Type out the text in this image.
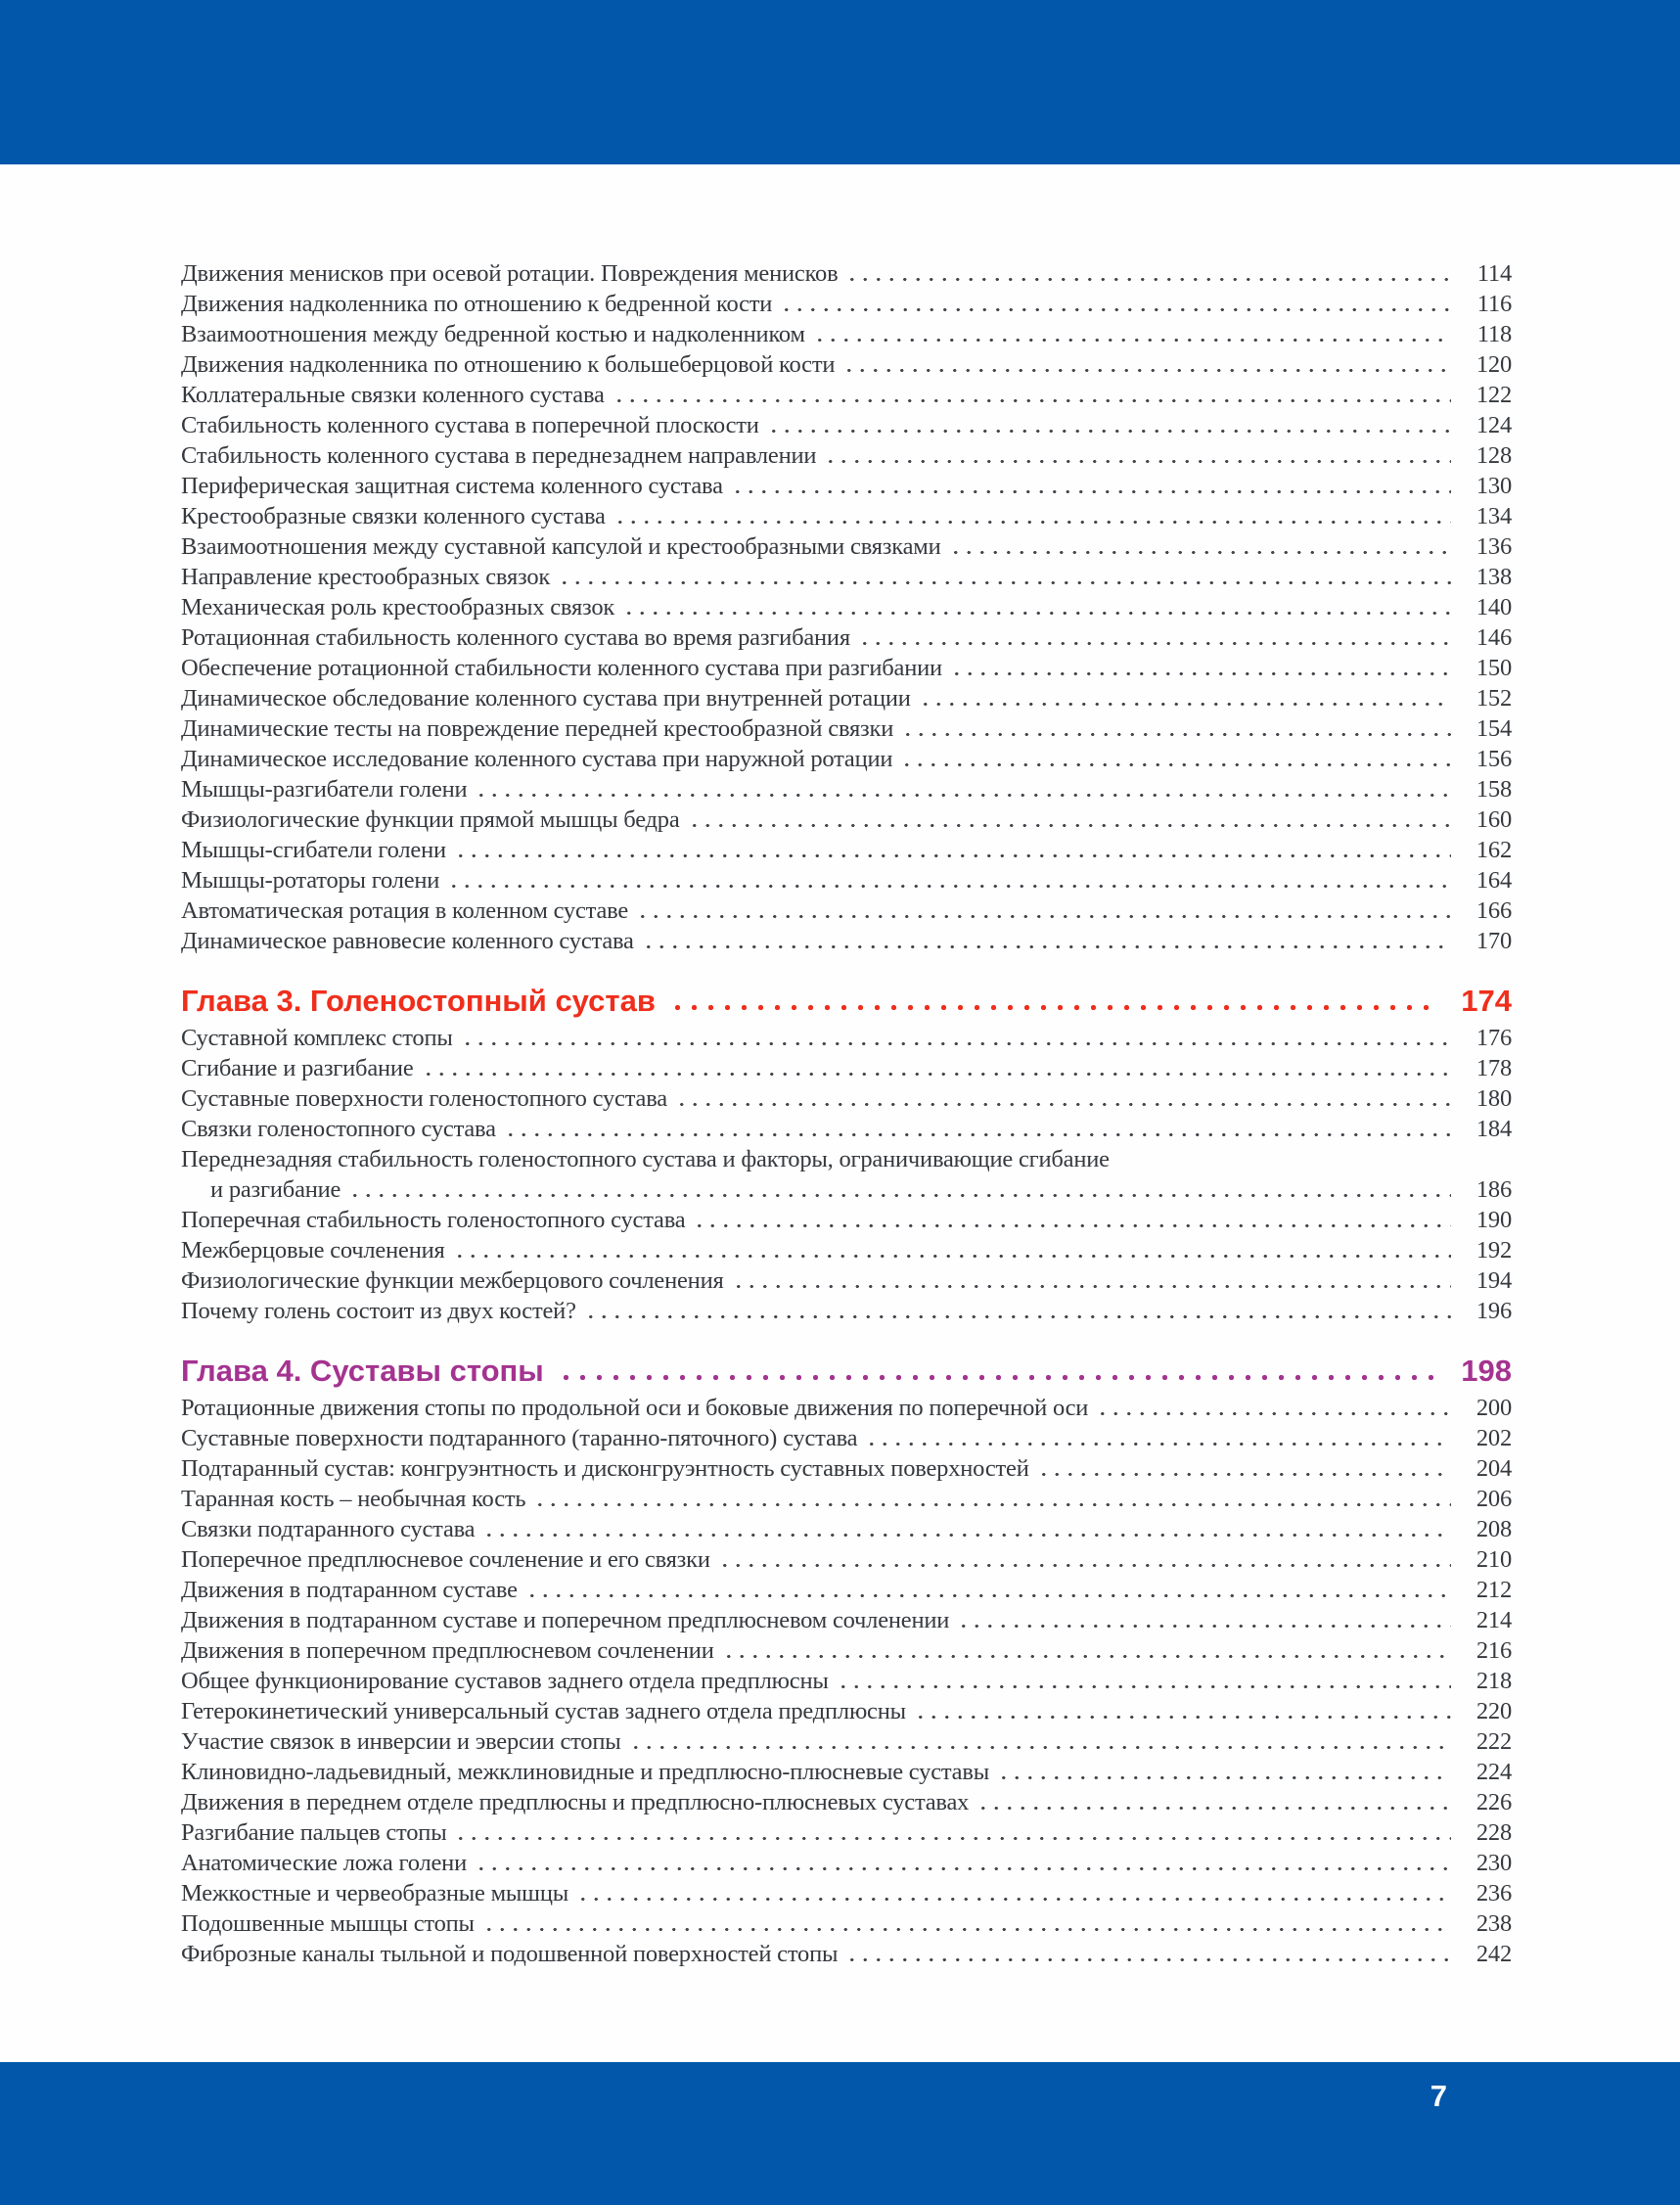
Движения менисков при осевой ротации. Повреждения менисков	114
Движения надколенника по отношению к бедренной кости	116
Взаимоотношения между бедренной костью и надколенником	118
Движения надколенника по отношению к большеберцовой кости	120
Коллатеральные связки коленного сустава	122
Стабильность коленного сустава в поперечной плоскости	124
Стабильность коленного сустава в переднезаднем направлении	128
Периферическая защитная система коленного сустава	130
Крестообразные связки коленного сустава	134
Взаимоотношения между суставной капсулой и крестообразными связками	136
Направление крестообразных связок	138
Механическая роль крестообразных связок	140
Ротационная стабильность коленного сустава во время разгибания	146
Обеспечение ротационной стабильности коленного сустава при разгибании	150
Динамическое обследование коленного сустава при внутренней ротации	152
Динамические тесты на повреждение передней крестообразной связки	154
Динамическое исследование коленного сустава при наружной ротации	156
Мышцы-разгибатели голени	158
Физиологические функции прямой мышцы бедра	160
Мышцы-сгибатели голени	162
Мышцы-ротаторы голени	164
Автоматическая ротация в коленном суставе	166
Динамическое равновесие коленного сустава	170
Глава 3. Голеностопный сустав	174
Суставной комплекс стопы	176
Сгибание и разгибание	178
Суставные поверхности голеностопного сустава	180
Связки голеностопного сустава	184
Переднезадняя стабильность голеностопного сустава и факторы, ограничивающие сгибание
и разгибание	186
Поперечная стабильность голеностопного сустава	190
Межберцовые сочленения	192
Физиологические функции межберцового сочленения	194
Почему голень состоит из двух костей?	196
Глава 4. Суставы стопы	198
Ротационные движения стопы по продольной оси и боковые движения по поперечной оси	200
Суставные поверхности подтаранного (таранно-пяточного) сустава	202
Подтаранный сустав: конгруэнтность и дисконгруэнтность суставных поверхностей	204
Таранная кость – необычная кость	206
Связки подтаранного сустава	208
Поперечное предплюсневое сочленение и его связки	210
Движения в подтаранном суставе	212
Движения в подтаранном суставе и поперечном предплюсневом сочленении	214
Движения в поперечном предплюсневом сочленении	216
Общее функционирование суставов заднего отдела предплюсны	218
Гетерокинетический универсальный сустав заднего отдела предплюсны	220
Участие связок в инверсии и эверсии стопы	222
Клиновидно-ладьевидный, межклиновидные и предплюсно-плюсневые суставы	224
Движения в переднем отделе предплюсны и предплюсно-плюсневых суставах	226
Разгибание пальцев стопы	228
Анатомические ложа голени	230
Межкостные и червеобразные мышцы	236
Подошвенные мышцы стопы	238
Фиброзные каналы тыльной и подошвенной поверхностей стопы	242
7
